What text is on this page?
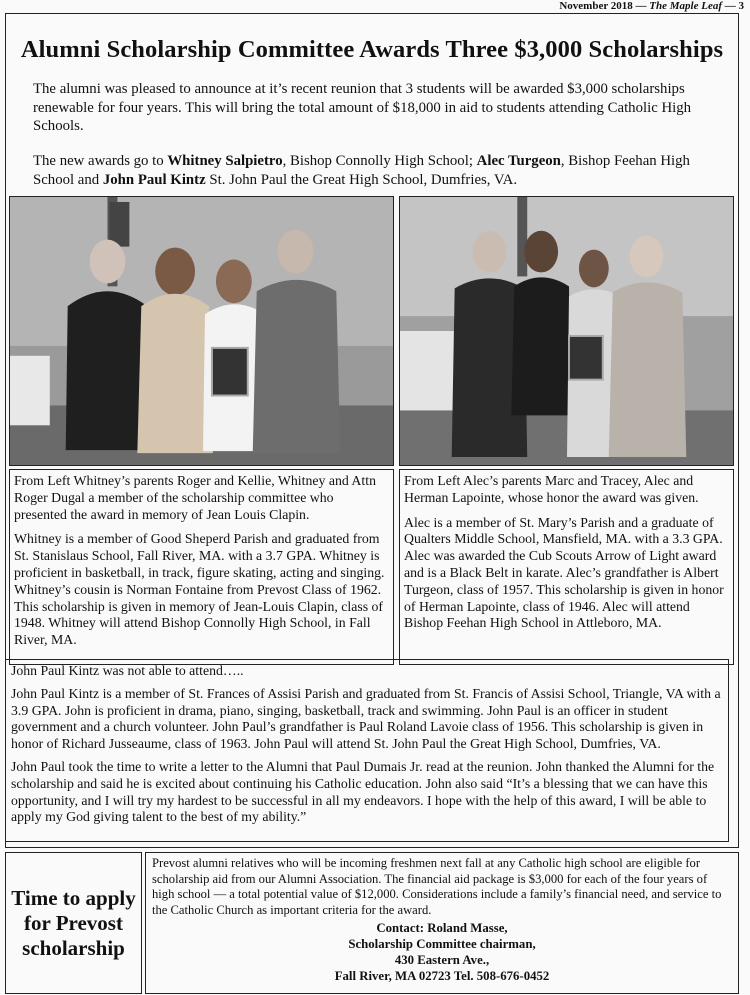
November 2018 — The Maple Leaf — 3
Alumni Scholarship Committee Awards Three $3,000 Scholarships

The alumni was pleased to announce at it’s recent reunion that 3 students will be awarded $3,000 scholarships renewable for four years. This will bring the total amount of $18,000 in aid to students attending Catholic High Schools.

The new awards go to Whitney Salpietro, Bishop Connolly High School; Alec Turgeon, Bishop Feehan High School and John Paul Kintz St. John Paul the Great High School, Dumfries, VA.

From Left Whitney’s parents Roger and Kellie, Whitney and Attn Roger Dugal a member of the scholarship committee who presented the award in memory of Jean Louis Clapin.

Whitney is a member of Good Sheperd Parish and graduated from St. Stanislaus School, Fall River, MA. with a 3.7 GPA. Whitney is proficient in basketball, in track, figure skating, acting and singing. Whitney’s cousin is Norman Fontaine from Prevost Class of 1962. This scholarship is given in memory of Jean-Louis Clapin, class of 1948. Whitney will attend Bishop Connolly High School, in Fall River, MA.

From Left Alec’s parents Marc and Tracey, Alec and Herman Lapointe, whose honor the award was given.

Alec is a member of St. Mary’s Parish and a graduate of Qualters Middle School, Mansfield, MA. with a 3.3 GPA. Alec was awarded the Cub Scouts Arrow of Light award and is a Black Belt in karate. Alec’s grandfather is Albert Turgeon, class of 1957. This scholarship is given in honor of Herman Lapointe, class of 1946. Alec will attend Bishop Feehan High School in Attleboro, MA.

John Paul Kintz was not able to attend…..

John Paul Kintz is a member of St. Frances of Assisi Parish and graduated from St. Francis of Assisi School, Triangle, VA with a 3.9 GPA. John is proficient in drama, piano, singing, basketball, track and swimming. John Paul is an officer in student government and a church volunteer. John Paul’s grandfather is Paul Roland Lavoie class of 1956. This scholarship is given in honor of Richard Jusseaume, class of 1963. John Paul will attend St. John Paul the Great High School, Dumfries, VA.

John Paul took the time to write a letter to the Alumni that Paul Dumais Jr. read at the reunion. John thanked the Alumni for the scholarship and said he is excited about continuing his Catholic education. John also said “It’s a blessing that we can have this opportunity, and I will try my hardest to be successful in all my endeavors. I hope with the help of this award, I will be able to apply my God giving talent to the best of my ability.”

Time to apply
for Prevost
scholarship

Prevost alumni relatives who will be incoming freshmen next fall at any Catholic high school are eligible for scholarship aid from our Alumni Association. The financial aid package is $3,000 for each of the four years of high school — a total potential value of $12,000. Considerations include a family’s financial need, and service to the Catholic Church as important criteria for the award.

Contact: Roland Masse,
Scholarship Committee chairman,
430 Eastern Ave.,
Fall River, MA 02723 Tel. 508-676-0452
